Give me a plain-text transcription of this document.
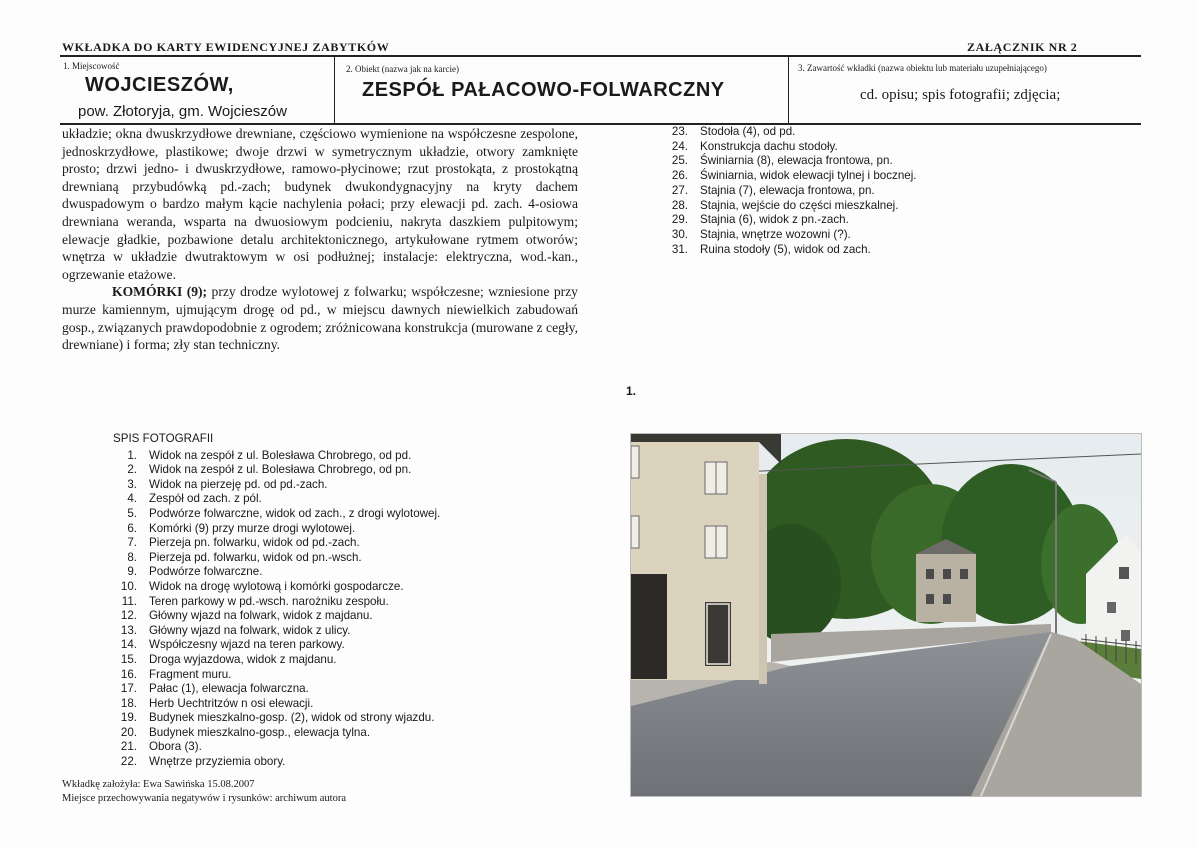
WKŁADKA DO KARTY EWIDENCYJNEJ ZABYTKÓW	ZAŁĄCZNIK NR 2
1. Miejscowość
WOJCIESZÓW,
pow. Złotoryja, gm. Wojcieszów
2. Obiekt (nazwa jak na karcie)
ZESPÓŁ PAŁACOWO-FOLWARCZNY
3. Zawartość wkładki (nazwa obiektu lub materiału uzupełniającego)
cd. opisu; spis fotografii; zdjęcia;

układzie; okna dwuskrzydłowe drewniane, częściowo wymienione na współczesne zespolone, jednoskrzydłowe, plastikowe; dwoje drzwi w symetrycznym układzie, otwory zamknięte prosto; drzwi jedno- i dwuskrzydłowe, ramowo-płycinowe; rzut prostokąta, z prostokątną drewnianą przybudówką pd.-zach; budynek dwukondygnacyjny na kryty dachem dwuspadowym o bardzo małym kącie nachylenia połaci; przy elewacji pd. zach. 4-osiowa drewniana weranda, wsparta na dwuosiowym podcieniu, nakryta daszkiem pulpitowym; elewacje gładkie, pozbawione detalu architektonicznego, artykułowane rytmem otworów; wnętrza w układzie dwutraktowym w osi podłużnej; instalacje: elektryczna, wod.-kan., ogrzewanie etażowe.

KOMÓRKI (9); przy drodze wylotowej z folwarku; współczesne; wzniesione przy murze kamiennym, ujmującym drogę od pd., w miejscu dawnych niewielkich zabudowań gosp., związanych prawdopodobnie z ogrodem; zróżnicowana konstrukcja (murowane z cegły, drewniane) i forma; zły stan techniczny.

23. Stodoła (4), od pd.
24. Konstrukcja dachu stodoły.
25. Świniarnia (8), elewacja frontowa, pn.
26. Świniarnia, widok elewacji tylnej i bocznej.
27. Stajnia (7), elewacja frontowa, pn.
28. Stajnia, wejście do części mieszkalnej.
29. Stajnia (6), widok z pn.-zach.
30. Stajnia, wnętrze wozowni (?).
31. Ruina stodoły (5), widok od zach.
1.
SPIS FOTOGRAFII
1. Widok na zespół z ul. Bolesława Chrobrego, od pd.
2. Widok na zespół z ul. Bolesława Chrobrego, od pn.
3. Widok na pierzeję pd. od pd.-zach.
4. Zespół od zach. z pól.
5. Podwórze folwarczne, widok od zach., z drogi wylotowej.
6. Komórki (9) przy murze drogi wylotowej.
7. Pierzeja pn. folwarku, widok od pd.-zach.
8. Pierzeja pd. folwarku, widok od pn.-wsch.
9. Podwórze folwarczne.
10. Widok na drogę wylotową i komórki gospodarcze.
11. Teren parkowy w pd.-wsch. narożniku zespołu.
12. Główny wjazd na folwark, widok z majdanu.
13. Główny wjazd na folwark, widok z ulicy.
14. Współczesny wjazd na teren parkowy.
15. Droga wyjazdowa, widok z majdanu.
16. Fragment muru.
17. Pałac (1), elewacja folwarczna.
18. Herb Uechtritzów n osi elewacji.
19. Budynek mieszkalno-gosp. (2), widok od strony wjazdu.
20. Budynek mieszkalno-gosp., elewacja tylna.
21. Obora (3).
22. Wnętrze przyziemia obory.
Wkładkę założyła: Ewa Sawińska 15.08.2007
Miejsce przechowywania negatywów i rysunków: archiwum autora
